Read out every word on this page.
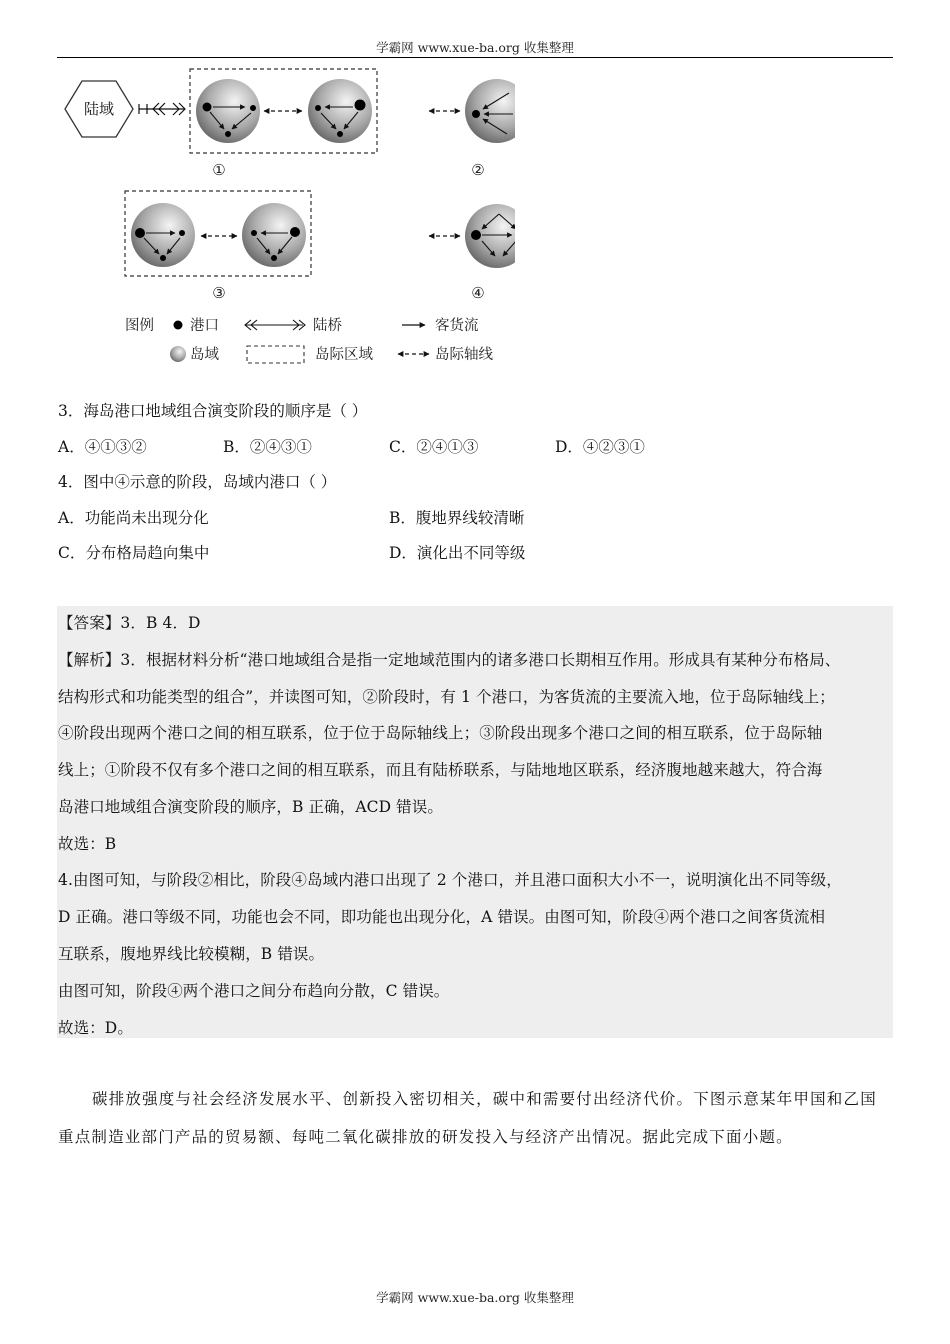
学霸网 www.xue-ba.org 收集整理
陆域
①	②
③	④
图例 港口	陆桥	客货流
岛域	岛际区域	岛际轴线
3．海岛港口地域组合演变阶段的顺序是（ ）
A．④①③②	B．②④③①	C．②④①③	D．④②③①
4．图中④示意的阶段，岛域内港口（ ）
A．功能尚未出现分化	B．腹地界线较清晰
C．分布格局趋向集中	D．演化出不同等级
【答案】3．B 4．D
【解析】3．根据材料分析“港口地域组合是指一定地域范围内的诸多港口长期相互作用。形成具有某种分布格局、
结构形式和功能类型的组合”，并读图可知，②阶段时，有 1 个港口，为客货流的主要流入地，位于岛际轴线上；
④阶段出现两个港口之间的相互联系，位于位于岛际轴线上；③阶段出现多个港口之间的相互联系，位于岛际轴
线上；①阶段不仅有多个港口之间的相互联系，而且有陆桥联系，与陆地地区联系，经济腹地越来越大，符合海
岛港口地域组合演变阶段的顺序，B 正确，ACD 错误。
故选：B
4.由图可知，与阶段②相比，阶段④岛域内港口出现了 2 个港口，并且港口面积大小不一，说明演化出不同等级，
D 正确。港口等级不同，功能也会不同，即功能也出现分化，A 错误。由图可知，阶段④两个港口之间客货流相
互联系，腹地界线比较模糊，B 错误。
由图可知，阶段④两个港口之间分布趋向分散，C 错误。
故选：D。
碳排放强度与社会经济发展水平、创新投入密切相关，碳中和需要付出经济代价。下图示意某年甲国和乙国
重点制造业部门产品的贸易额、每吨二氧化碳排放的研发投入与经济产出情况。据此完成下面小题。
学霸网 www.xue-ba.org 收集整理
